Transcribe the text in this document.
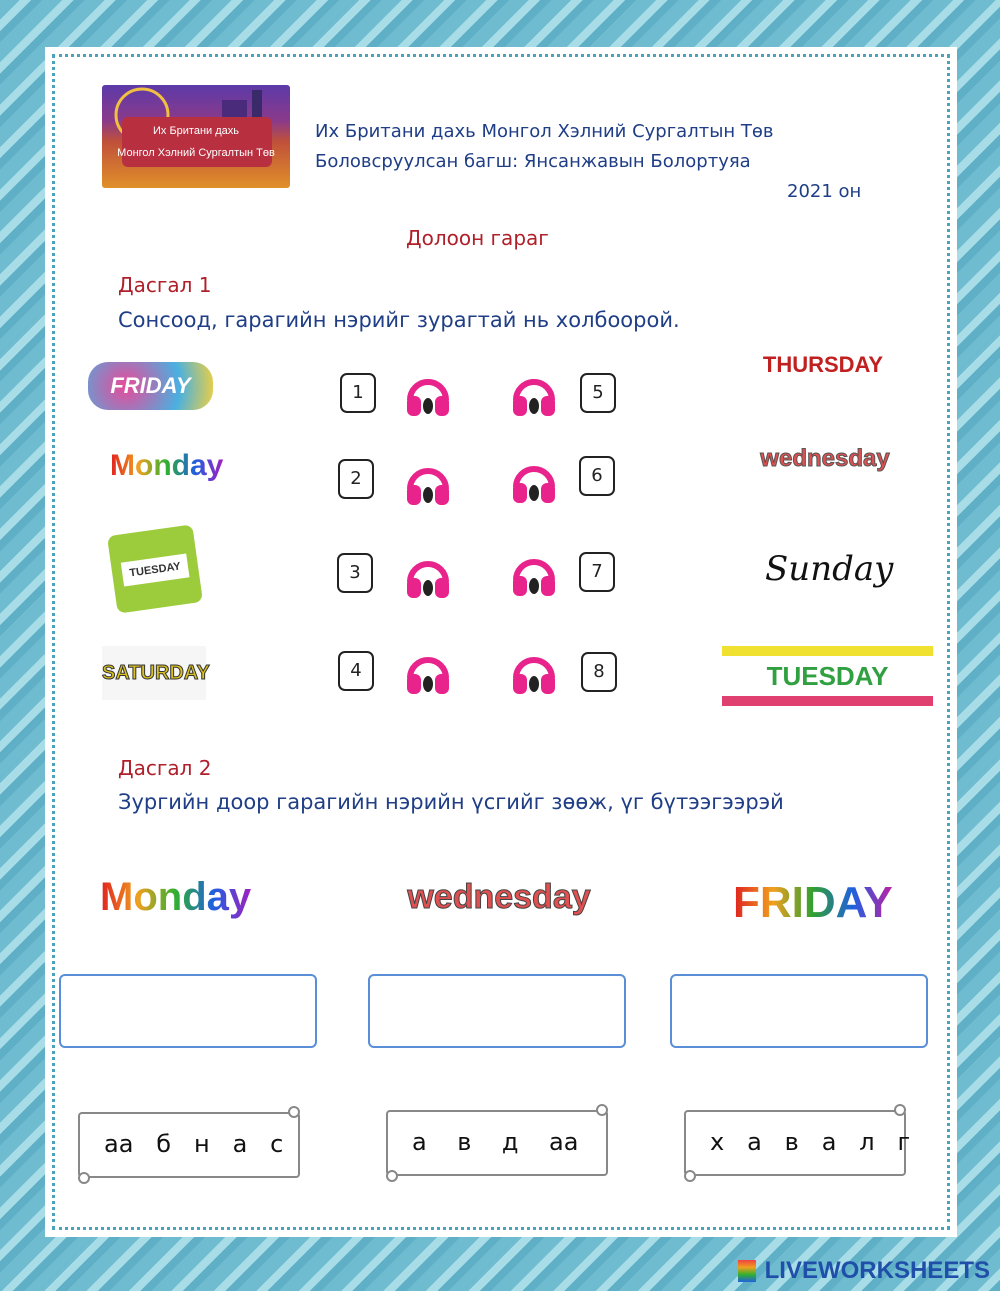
Их Британи дахь
Монгол Хэлний Сургалтын Төв
Их Британи дахь Монгол Хэлний Сургалтын Төв
Боловсруулсан багш: Янсанжавын Болортуяа
2021 он
Долоон гараг
Дасгал 1
Сонсоод, гарагийн нэрийг зурагтай нь холбоорой.
FRIDAY
Monday
TUESDAY
SATURDAY
THURSDAY
wednesday
Sunday
TUESDAY
1
2
3
4
5
6
7
8
Дасгал 2
Зургийн доор гарагийн нэрийн үсгийг зөөж, үг бүтээгээрэй
Monday	wednesday	FRIDAY
аа   б   н   а   с	а    в    д    аа	х   а   в   а   л   г
LIVEWORKSHEETS
